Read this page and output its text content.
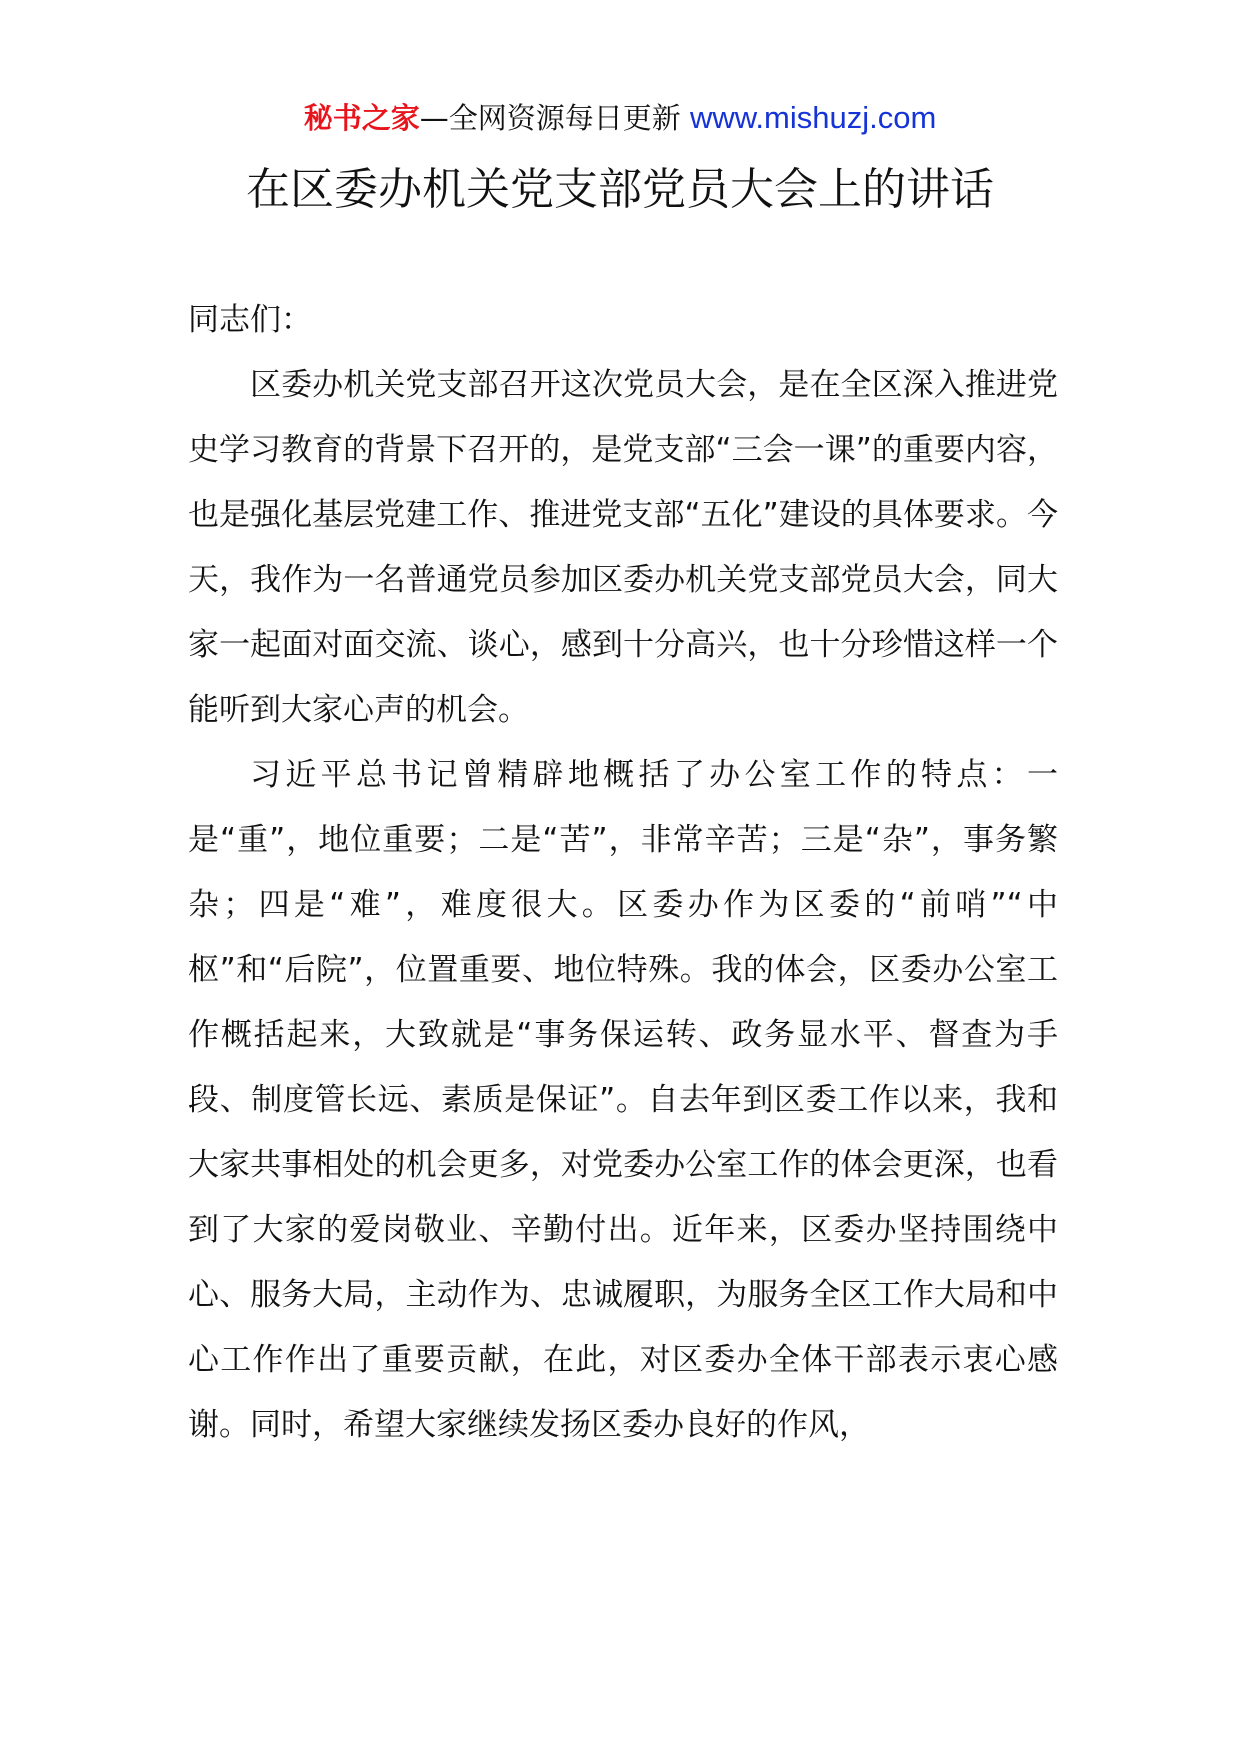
秘书之家—全网资源每日更新 www.mishuzj.com
在区委办机关党支部党员大会上的讲话

同志们：

区委办机关党支部召开这次党员大会，是在全区深入推进党史学习教育的背景下召开的，是党支部“三会一课”的重要内容，也是强化基层党建工作、推进党支部“五化”建设的具体要求。今天，我作为一名普通党员参加区委办机关党支部党员大会，同大家一起面对面交流、谈心，感到十分高兴，也十分珍惜这样一个能听到大家心声的机会。

习近平总书记曾精辟地概括了办公室工作的特点：一是“重”，地位重要；二是“苦”，非常辛苦；三是“杂”，事务繁杂；四是“难”，难度很大。区委办作为区委的“前哨”“中枢”和“后院”，位置重要、地位特殊。我的体会，区委办公室工作概括起来，大致就是“事务保运转、政务显水平、督查为手段、制度管长远、素质是保证”。自去年到区委工作以来，我和大家共事相处的机会更多，对党委办公室工作的体会更深，也看到了大家的爱岗敬业、辛勤付出。近年来，区委办坚持围绕中心、服务大局，主动作为、忠诚履职，为服务全区工作大局和中心工作作出了重要贡献，在此，对区委办全体干部表示衷心感谢。同时，希望大家继续发扬区委办良好的作风，
